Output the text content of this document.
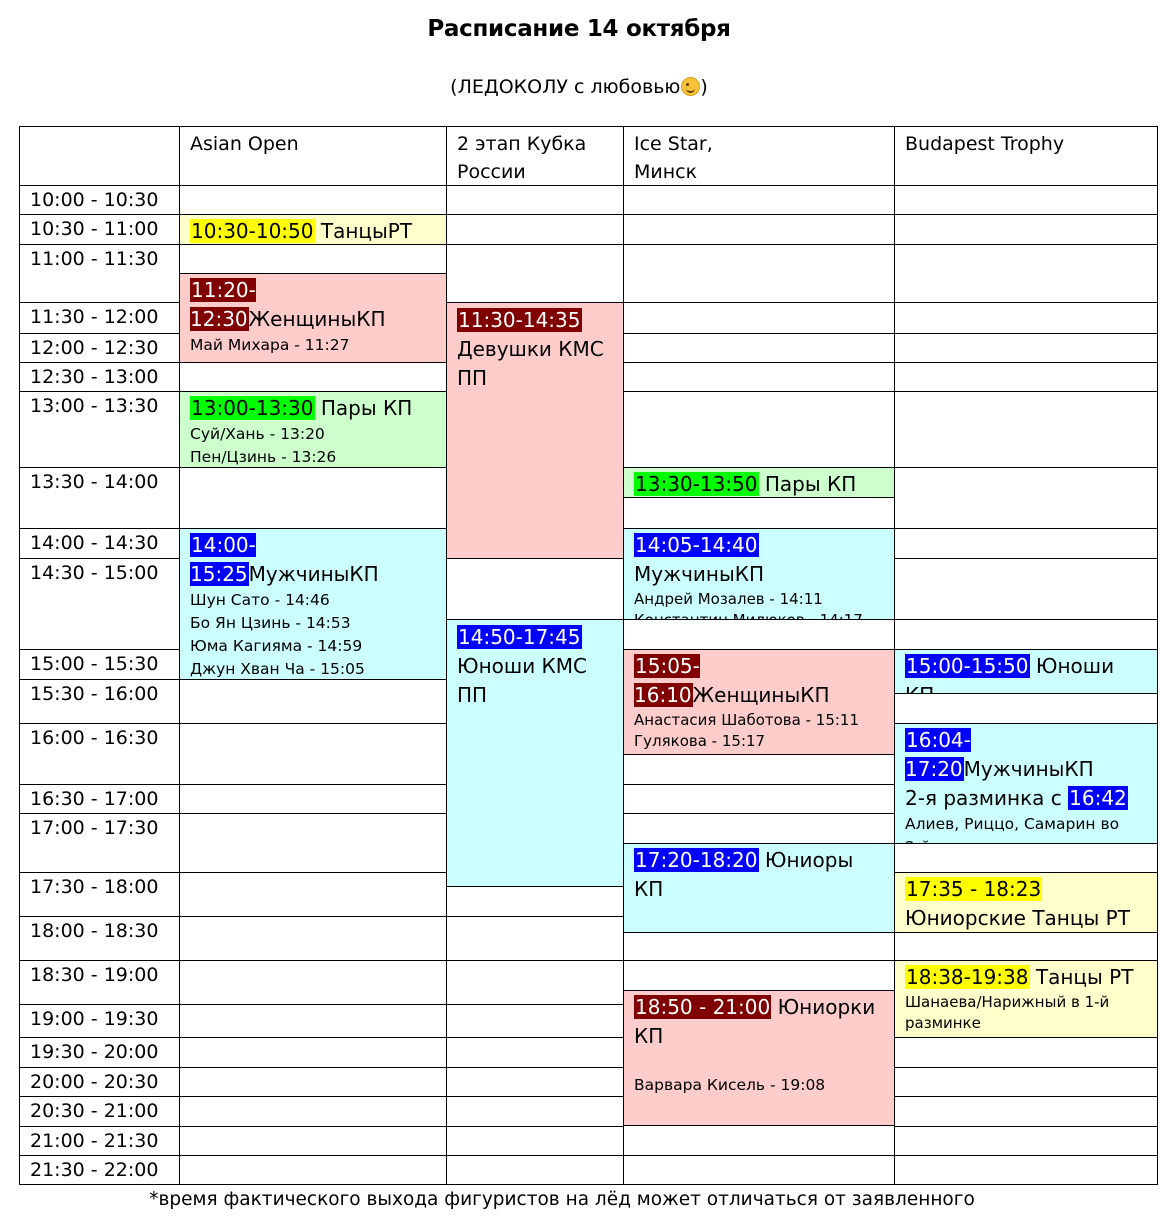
Расписание 14 октября
(ЛЕДОКОЛУ с любовью )
Asian Open	2 этап Кубка
России
Ice Star,
Минск
Budapest Trophy
10:00 - 10:30
10:30 - 11:00
11:00 - 11:30
11:30 - 12:00
12:00 - 12:30
12:30 - 13:00
13:00 - 13:30
13:30 - 14:00
14:00 - 14:30
14:30 - 15:00
15:00 - 15:30
15:30 - 16:00
16:00 - 16:30
16:30 - 17:00
17:00 - 17:30
17:30 - 18:00
18:00 - 18:30
18:30 - 19:00
19:00 - 19:30
19:30 - 20:00
20:00 - 20:30
20:30 - 21:00
21:00 - 21:30
21:30 - 22:00
10:30-10:50 ТанцыРТ
11:20-12:30ЖенщиныКП
Май Михара - 11:27
13:00-13:30 Пары КП
Суй/Хань - 13:20
Пен/Цзинь - 13:26
14:00-15:25МужчиныКП
Шун Сато - 14:46
Бо Ян Цзинь - 14:53
Юма Кагияма - 14:59
Джун Хван Ча - 15:05
11:30-14:35
Девушки КМС
ПП
14:50-17:45
Юноши КМС
ПП
13:30-13:50 Пары КП
14:05-14:40 МужчиныКП
Андрей Мозалев - 14:11
15:05-16:10ЖенщиныКП
Анастасия Шаботова - 15:11
Гулякова - 15:17
17:20-18:20 Юниоры КП
18:50 - 21:00 Юниорки
КП
Варвара Кисель - 19:08
15:00-15:50 Юноши
16:04-17:20МужчиныКП
2-я разминка с 16:42
Алиев, Риццо, Самарин во
17:35 - 18:23
Юниорские Танцы РТ
18:38-19:38 Танцы РТ
Шанаева/Нарижный в 1-й
разминке
*время фактического выхода фигуристов на лёд может отличаться от заявленного
